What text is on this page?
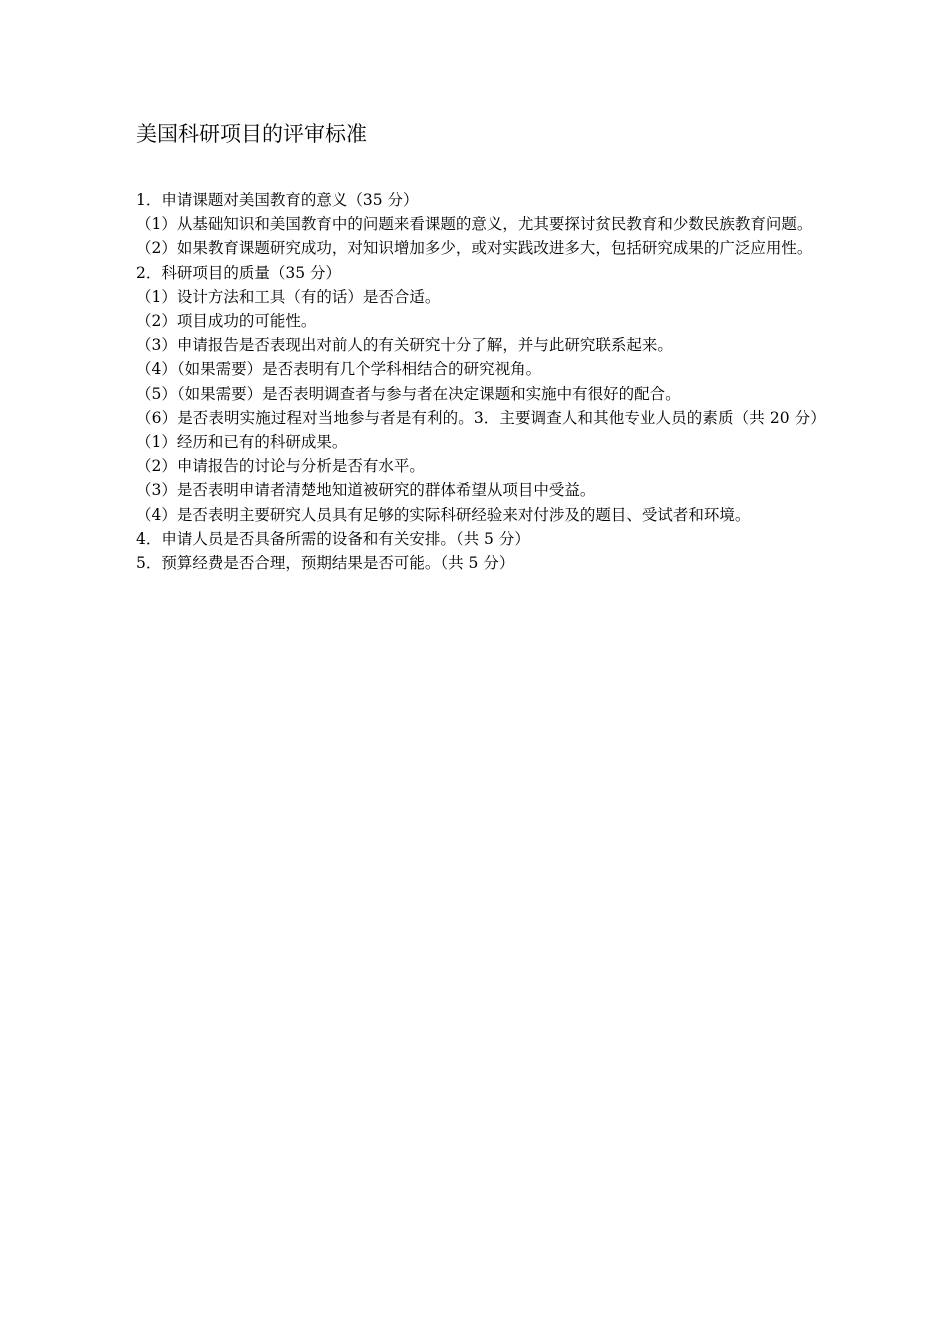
美国科研项目的评审标准

1．申请课题对美国教育的意义（35 分）

（1）从基础知识和美国教育中的问题来看课题的意义，尤其要探讨贫民教育和少数民族教育问题。

（2）如果教育课题研究成功，对知识增加多少，或对实践改进多大，包括研究成果的广泛应用性。

2．科研项目的质量（35 分）

（1）设计方法和工具（有的话）是否合适。

（2）项目成功的可能性。

（3）申请报告是否表现出对前人的有关研究十分了解，并与此研究联系起来。

（4）（如果需要）是否表明有几个学科相结合的研究视角。

（5）（如果需要）是否表明调查者与参与者在决定课题和实施中有很好的配合。

（6）是否表明实施过程对当地参与者是有利的。3．主要调查人和其他专业人员的素质（共 20 分）（1）经历和已有的科研成果。

（2）申请报告的讨论与分析是否有水平。

（3）是否表明申请者清楚地知道被研究的群体希望从项目中受益。

（4）是否表明主要研究人员具有足够的实际科研经验来对付涉及的题目、受试者和环境。

4．申请人员是否具备所需的设备和有关安排。（共 5 分）

5．预算经费是否合理，预期结果是否可能。（共 5 分）
